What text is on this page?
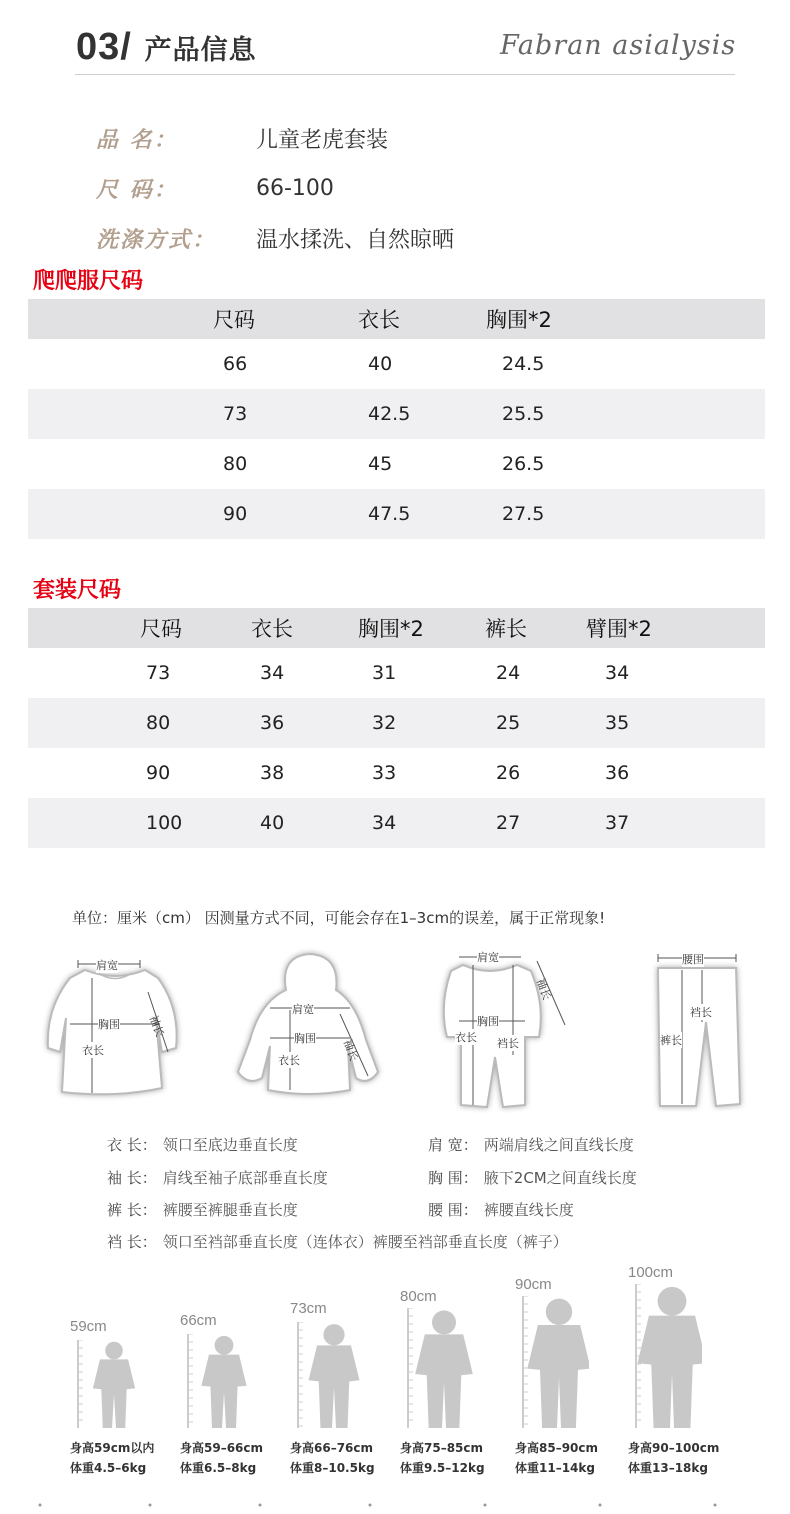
03/ 产品信息	Fabran asialysis
品 名：	儿童老虎套装
尺 码：	66-100
洗涤方式：	温水揉洗、自然晾晒
爬爬服尺码
尺码	衣长	胸围*2
66	40	24.5
73	42.5	25.5
80	45	26.5
90	47.5	27.5
套装尺码
尺码	衣长	胸围*2	裤长	臂围*2
73	34	31	24	34
80	36	32	25	35
90	38	33	26	36
100	40	34	27	37
单位：厘米（cm） 因测量方式不同，可能会存在1–3cm的误差，属于正常现象!
肩宽
胸围
衣长
袖长
肩宽
胸围
衣长	袖长
肩宽
胸围
衣长 裆长
袖长
腰围
裆长
裤长
衣 长： 领口至底边垂直长度	肩 宽： 两端肩线之间直线长度
袖 长： 肩线至袖子底部垂直长度	胸 围： 腋下2CM之间直线长度
裤 长： 裤腰至裤腿垂直长度	腰 围： 裤腰直线长度
裆 长： 领口至裆部垂直长度（连体衣）裤腰至裆部垂直长度（裤子）
59cm
身高59cm以内
体重4.5–6kg
66cm
身高59–66cm
体重6.5–8kg
73cm
身高66–76cm
体重8–10.5kg
80cm
身高75–85cm
体重9.5–12kg
90cm
身高85–90cm
体重11–14kg
100cm
身高90–100cm
体重13–18kg
